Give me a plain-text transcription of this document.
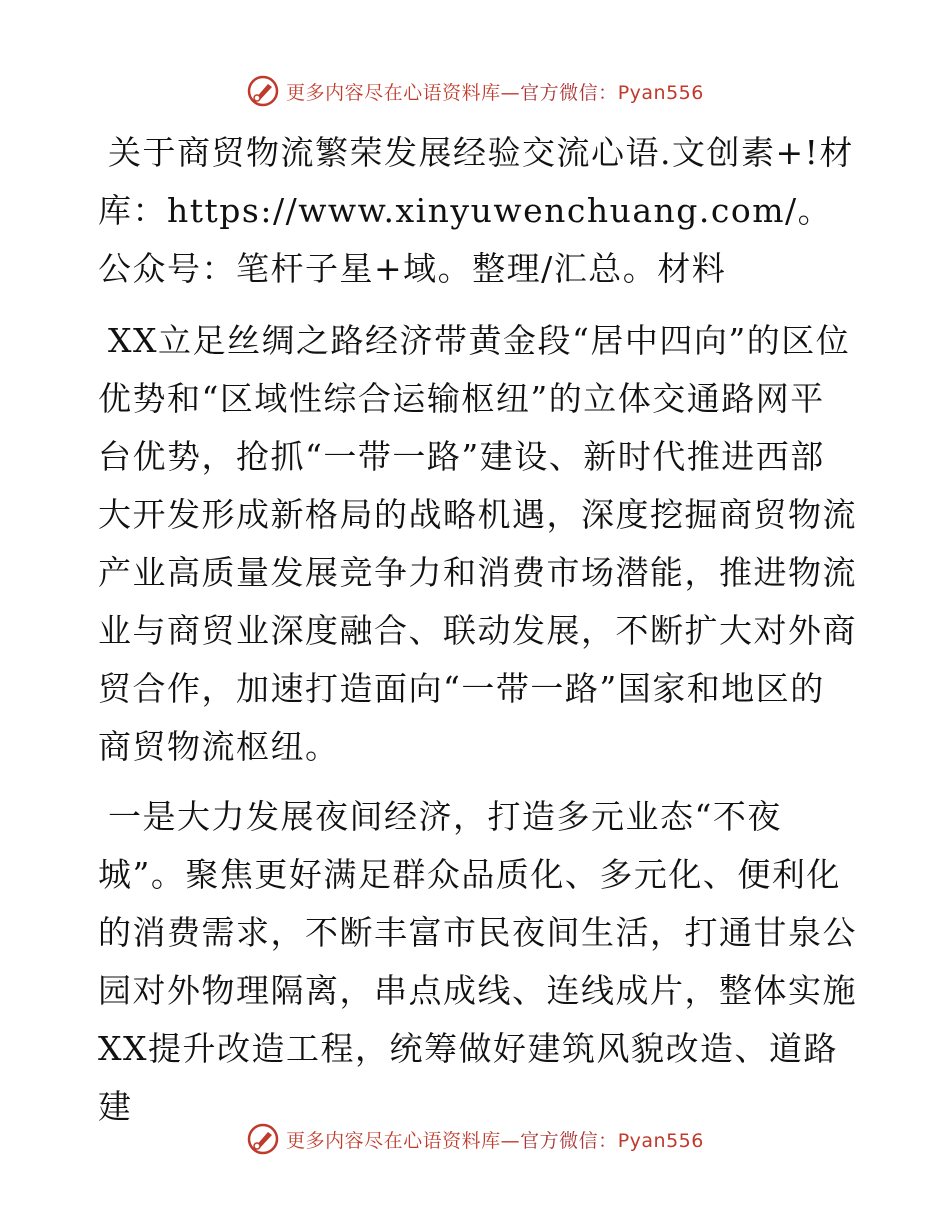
更多内容尽在心语资料库—官方微信：Pyan556

关于商贸物流繁荣发展经验交流心语.文创素+!材库：https://www.xinyuwenchuang.com/。公众号：笔杆子星+域。整理/汇总。材料

XX立足丝绸之路经济带黄金段“居中四向”的区位优势和“区域性综合运输枢纽”的立体交通路网平台优势，抢抓“一带一路”建设、新时代推进西部大开发形成新格局的战略机遇，深度挖掘商贸物流产业高质量发展竞争力和消费市场潜能，推进物流业与商贸业深度融合、联动发展，不断扩大对外商贸合作，加速打造面向“一带一路”国家和地区的商贸物流枢纽。

一是大力发展夜间经济，打造多元业态“不夜城”。聚焦更好满足群众品质化、多元化、便利化的消费需求，不断丰富市民夜间生活，打通甘泉公园对外物理隔离，串点成线、连线成片，整体实施XX提升改造工程，统筹做好建筑风貌改造、道路建

更多内容尽在心语资料库—官方微信：Pyan556
